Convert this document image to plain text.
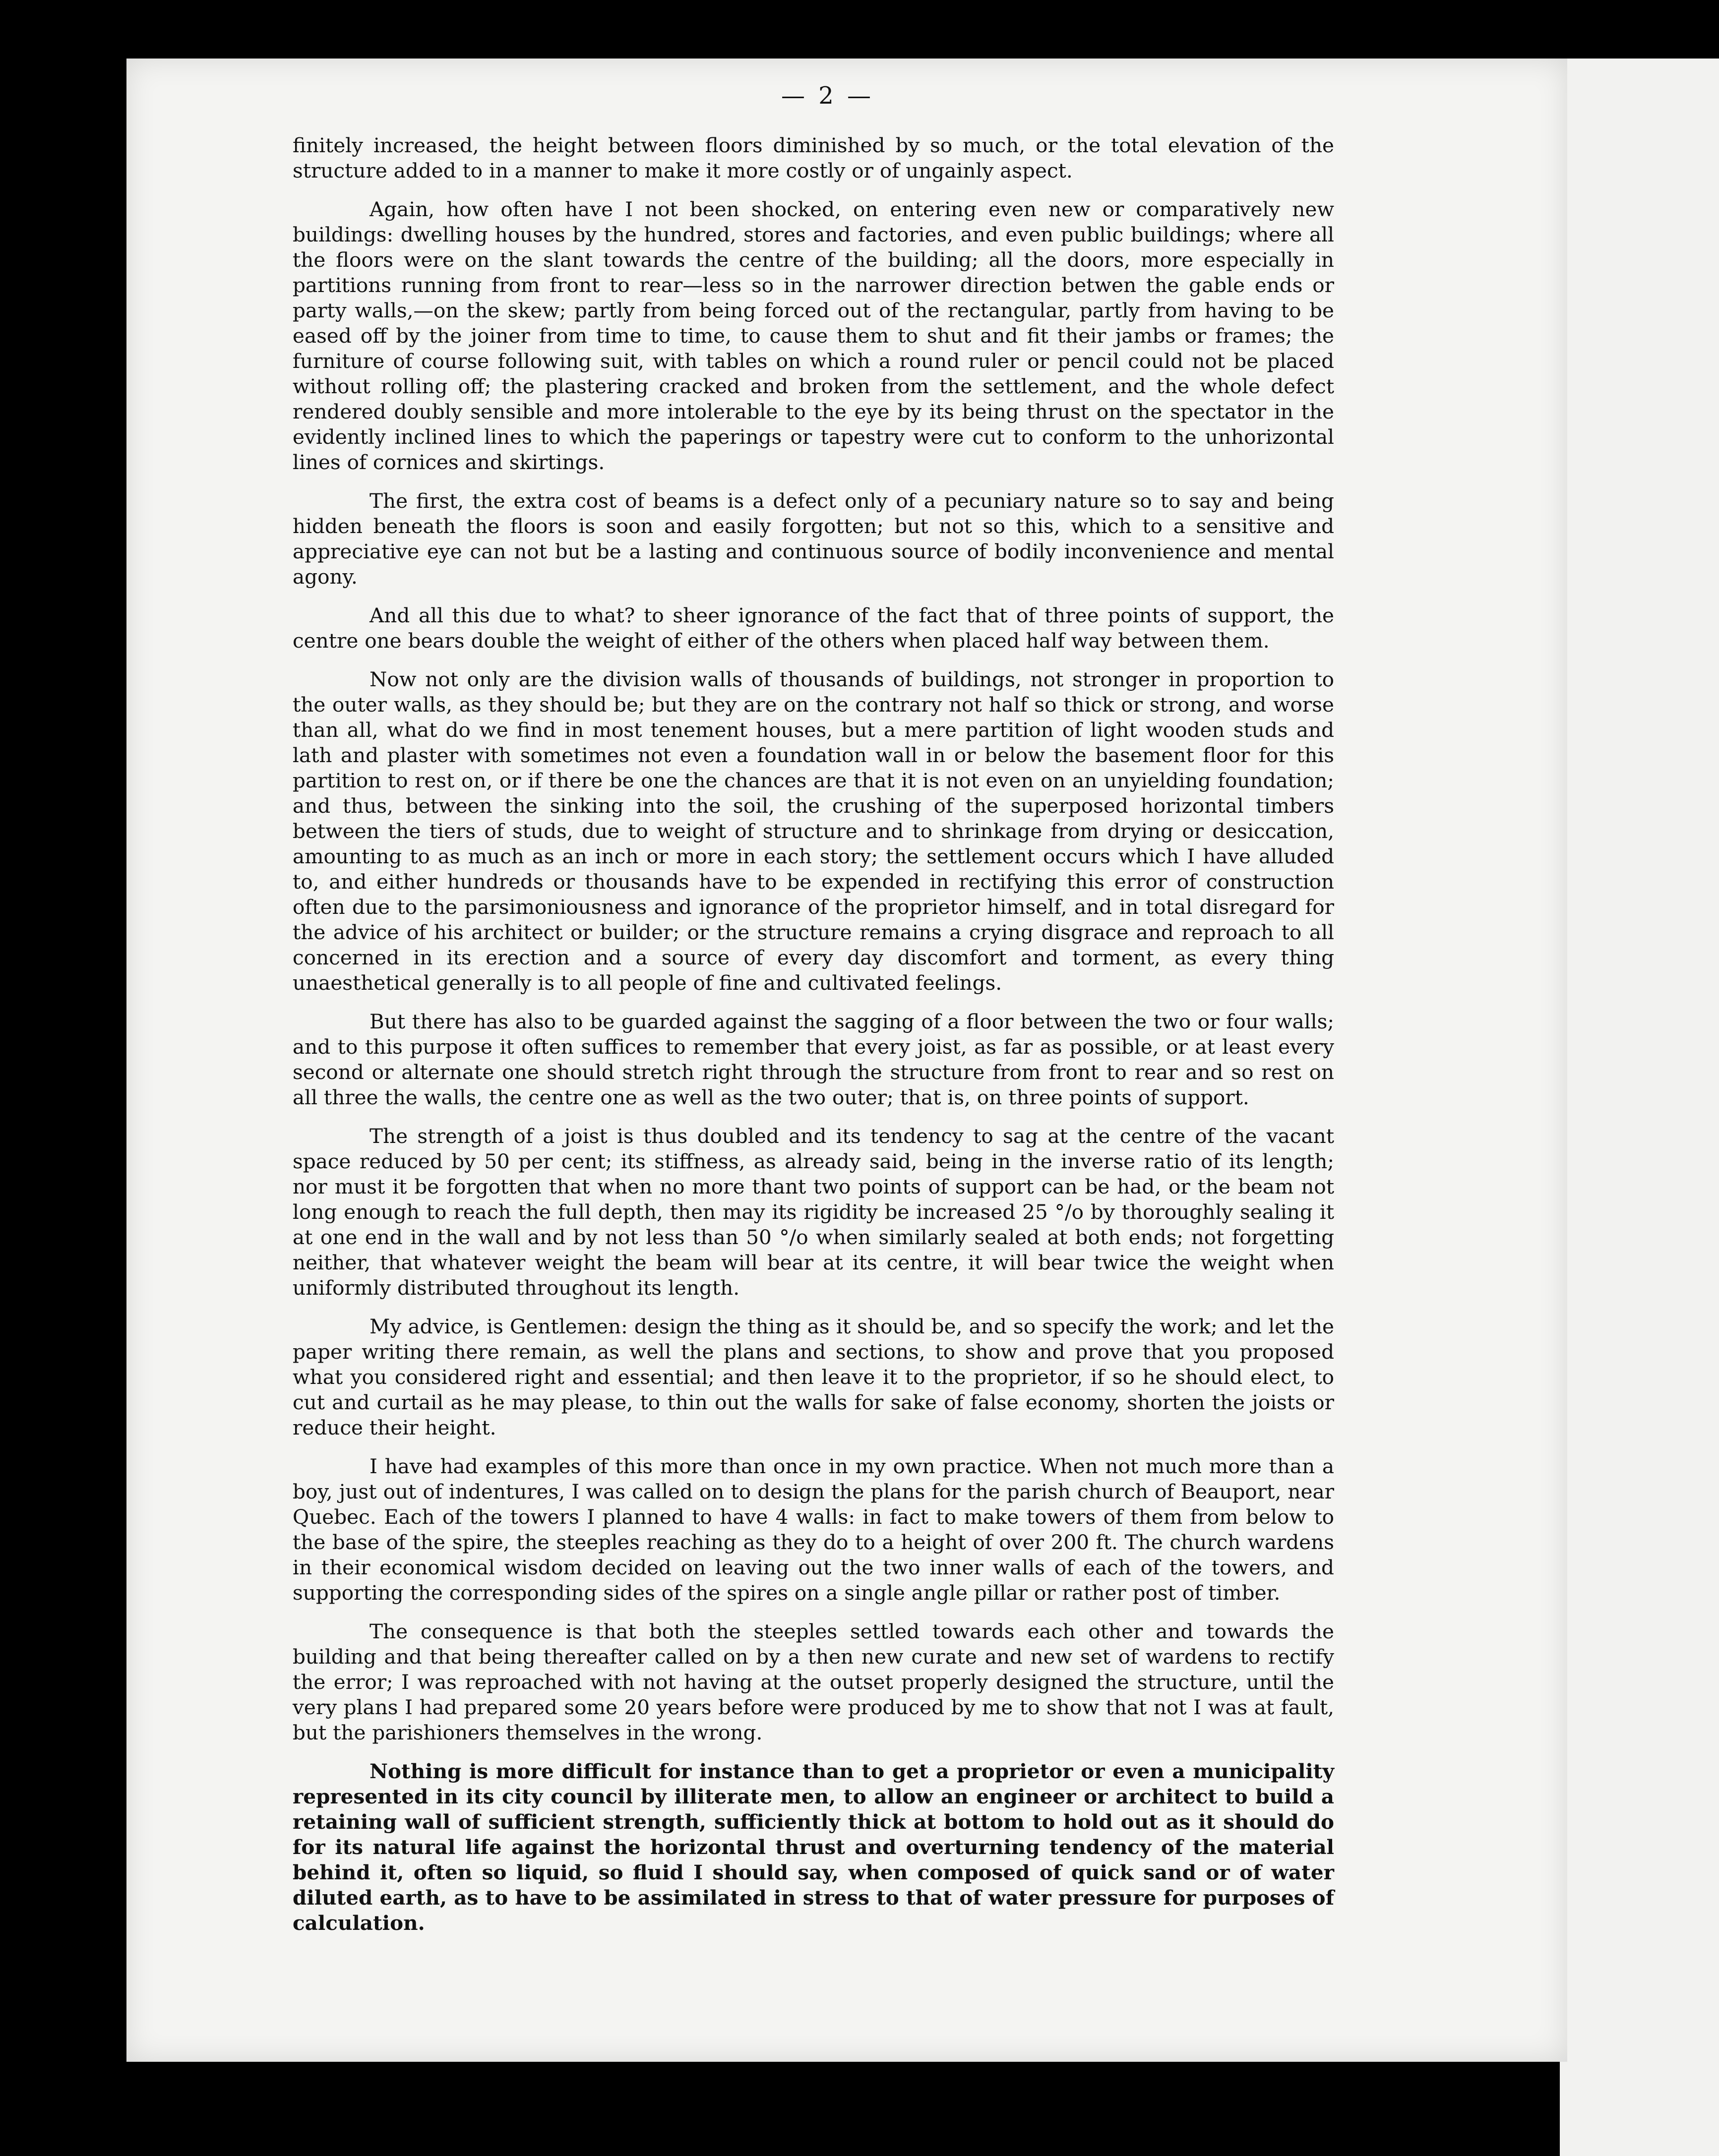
— 2 —

finitely increased, the height between floors diminished by so much, or the total elevation of the structure added to in a manner to make it more costly or of ungainly aspect.

Again, how often have I not been shocked, on entering even new or comparatively new buildings: dwelling houses by the hundred, stores and factories, and even public buildings; where all the floors were on the slant towards the centre of the building; all the doors, more especially in partitions running from front to rear—less so in the narrower direction betwen the gable ends or party walls,—on the skew; partly from being forced out of the rectangular, partly from having to be eased off by the joiner from time to time, to cause them to shut and fit their jambs or frames; the furniture of course following suit, with tables on which a round ruler or pencil could not be placed without rolling off; the plastering cracked and broken from the settlement, and the whole defect rendered doubly sensible and more intolerable to the eye by its being thrust on the spectator in the evidently inclined lines to which the paperings or tapestry were cut to conform to the unhorizontal lines of cornices and skirtings.

The first, the extra cost of beams is a defect only of a pecuniary nature so to say and being hidden beneath the floors is soon and easily forgotten; but not so this, which to a sensitive and appreciative eye can not but be a lasting and continuous source of bodily inconvenience and mental agony.

And all this due to what? to sheer ignorance of the fact that of three points of support, the centre one bears double the weight of either of the others when placed half way between them.

Now not only are the division walls of thousands of buildings, not stronger in proportion to the outer walls, as they should be; but they are on the contrary not half so thick or strong, and worse than all, what do we find in most tenement houses, but a mere partition of light wooden studs and lath and plaster with sometimes not even a foundation wall in or below the basement floor for this partition to rest on, or if there be one the chances are that it is not even on an unyielding foundation; and thus, between the sinking into the soil, the crushing of the superposed horizontal timbers between the tiers of studs, due to weight of structure and to shrinkage from drying or desiccation, amounting to as much as an inch or more in each story; the settlement occurs which I have alluded to, and either hundreds or thousands have to be expended in rectifying this error of construction often due to the parsimoniousness and ignorance of the proprietor himself, and in total disregard for the advice of his architect or builder; or the structure remains a crying disgrace and reproach to all concerned in its erection and a source of every day discomfort and torment, as every thing unaesthetical generally is to all people of fine and cultivated feelings.

But there has also to be guarded against the sagging of a floor between the two or four walls; and to this purpose it often suffices to remember that every joist, as far as possible, or at least every second or alternate one should stretch right through the structure from front to rear and so rest on all three the walls, the centre one as well as the two outer; that is, on three points of support.

The strength of a joist is thus doubled and its tendency to sag at the centre of the vacant space reduced by 50 per cent; its stiffness, as already said, being in the inverse ratio of its length; nor must it be forgotten that when no more thant two points of support can be had, or the beam not long enough to reach the full depth, then may its rigidity be increased 25 °/o by thoroughly sealing it at one end in the wall and by not less than 50 °/o when similarly sealed at both ends; not forgetting neither, that whatever weight the beam will bear at its centre, it will bear twice the weight when uniformly distributed throughout its length.

My advice, is Gentlemen: design the thing as it should be, and so specify the work; and let the paper writing there remain, as well the plans and sections, to show and prove that you proposed what you considered right and essential; and then leave it to the proprietor, if so he should elect, to cut and curtail as he may please, to thin out the walls for sake of false economy, shorten the joists or reduce their height.

I have had examples of this more than once in my own practice. When not much more than a boy, just out of indentures, I was called on to design the plans for the parish church of Beauport, near Quebec. Each of the towers I planned to have 4 walls: in fact to make towers of them from below to the base of the spire, the steeples reaching as they do to a height of over 200 ft. The church wardens in their economical wisdom decided on leaving out the two inner walls of each of the towers, and supporting the corresponding sides of the spires on a single angle pillar or rather post of timber.

The consequence is that both the steeples settled towards each other and towards the building and that being thereafter called on by a then new curate and new set of wardens to rectify the error; I was reproached with not having at the outset properly designed the structure, until the very plans I had prepared some 20 years before were produced by me to show that not I was at fault, but the parishioners themselves in the wrong.

Nothing is more difficult for instance than to get a proprietor or even a municipality represented in its city council by illiterate men, to allow an engineer or architect to build a retaining wall of sufficient strength, sufficiently thick at bottom to hold out as it should do for its natural life against the horizontal thrust and overturning tendency of the material behind it, often so liquid, so fluid I should say, when composed of quick sand or of water diluted earth, as to have to be assimilated in stress to that of water pressure for purposes of calculation.
